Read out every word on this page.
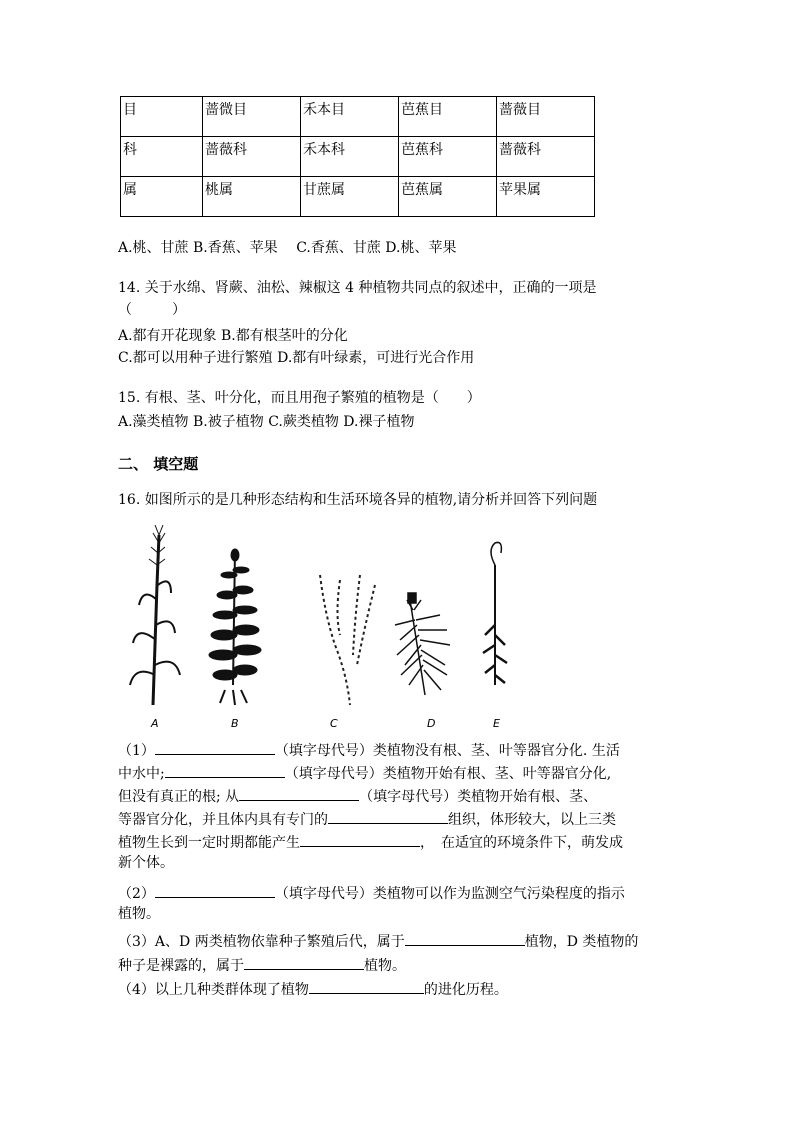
目	蔷微目	禾本目	芭蕉目	蔷薇目
科	蔷薇科	禾本科	芭蕉科	蔷薇科
属	桃属	甘蔗属	芭蕉属	苹果属
A.桃、甘蔗 B.香蕉、苹果　 C.香蕉、甘蔗 D.桃、苹果
14. 关于水绵、肾蕨、油松、辣椒这 4 种植物共同点的叙述中，正确的一项是
（	）
A.都有开花现象 B.都有根茎叶的分化
C.都可以用种子进行繁殖 D.都有叶绿素，可进行光合作用
15. 有根、茎、叶分化，而且用孢子繁殖的植物是（　　）
A.藻类植物 B.被子植物 C.蕨类植物 D.裸子植物
二、 填空题
16. 如图所示的是几种形态结构和生活环境各异的植物,请分析并回答下列问题
A	B	C	D	E
（1）	（填字母代号）类植物没有根、茎、叶等器官分化. 生活
中水中;	（填字母代号）类植物开始有根、茎、叶等器官分化,
但没有真正的根; 从	（填字母代号）类植物开始有根、茎、
等器官分化，并且体内具有专门的	组织，体形较大，以上三类
植物生长到一定时期都能产生	，　在适宜的环境条件下，萌发成
新个体。
（2）	（填字母代号）类植物可以作为监测空气污染程度的指示
植物。
（3）A、D 两类植物依靠种子繁殖后代，属于	植物，D 类植物的
种子是裸露的，属于	植物。
（4）以上几种类群体现了植物	的进化历程。
